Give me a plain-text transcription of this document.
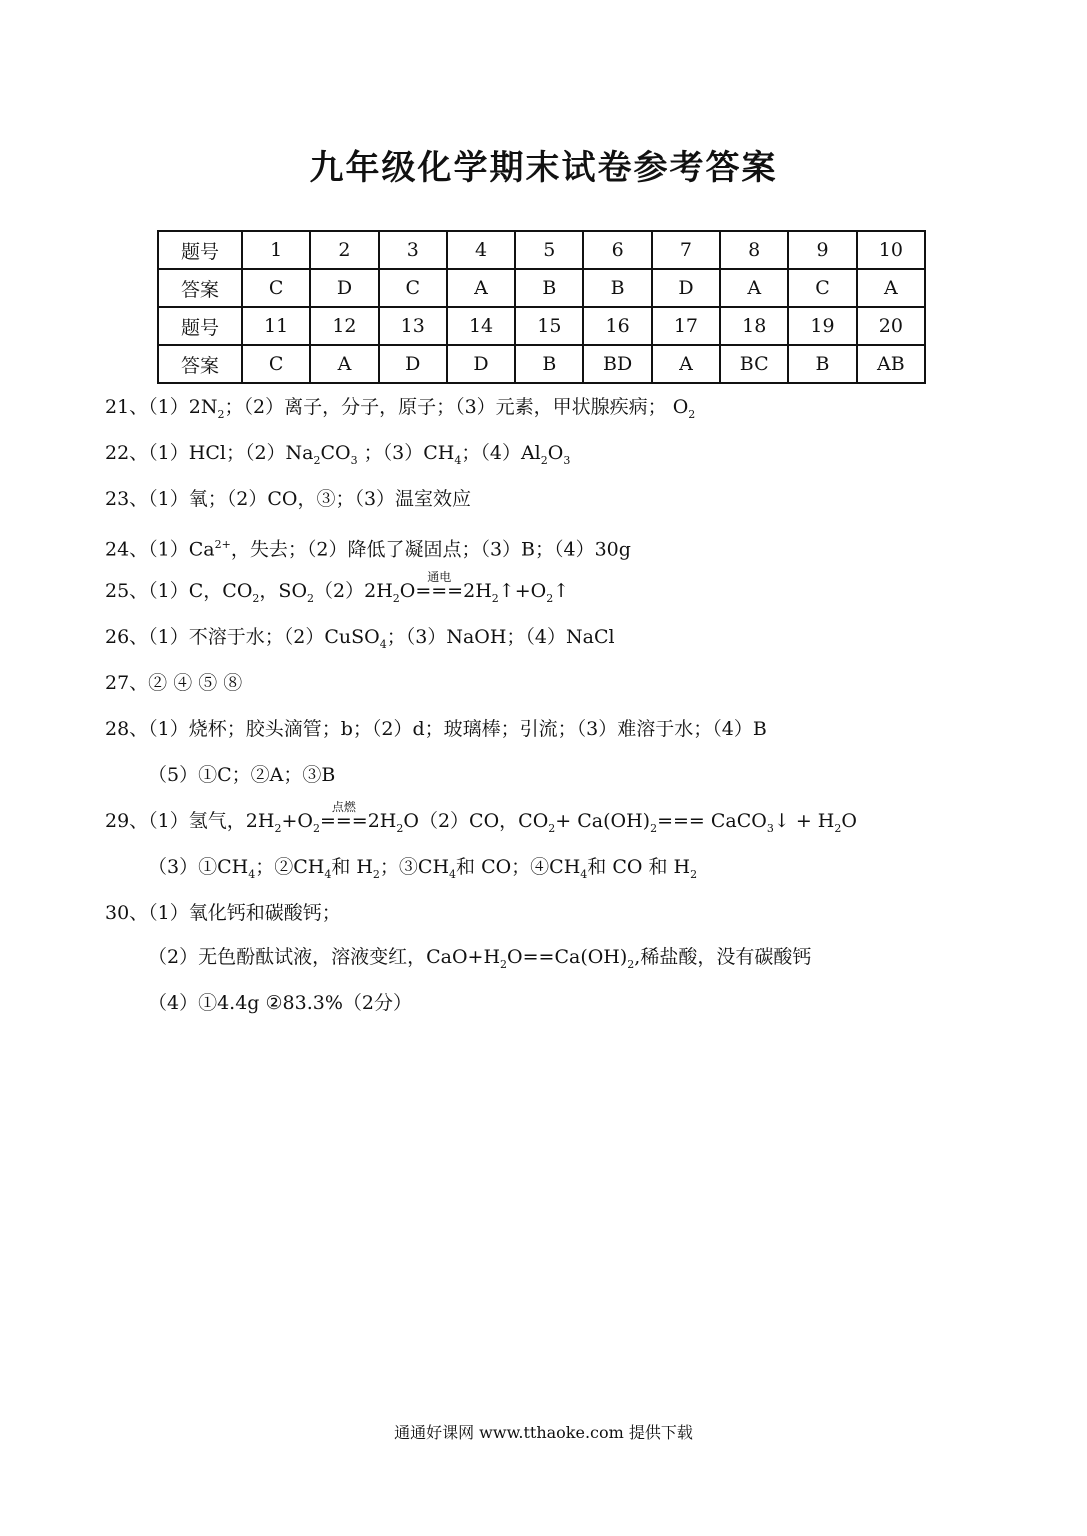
九年级化学期末试卷参考答案
题号	1	2	3	4	5	6	7	8	9	10
答案	C	D	C	A	B	B	D	A	C	A
题号	11	12	13	14	15	16	17	18	19	20
答案	C	A	D	D	B	BD	A	BC	B	AB
21、$(1)2N_2$；（2）离子，分子，原子；（3）元素，甲状腺疾病； $O_2$
22、（1）HCl；$(2)Na_2CO_3$ ；$(3)CH_4$；$(4)Al_2O_3$
23、（1）氧；（2）CO，③；（3）温室效应
24、$(1)Ca^{2+}$，失去；（2）降低了凝固点；（3）B；（4）30g
25、（1）C，$CO_2$，$SO_2(2)2H_2O$
通电
$===2H_2↑+O_2↑$
26、（1）不溶于水；（2）CuSO$_4$；（3）NaOH；（4）NaCl
27、② ④ ⑤ ⑧
28、（1）烧杯；胶头滴管；b；（2）d；玻璃棒；引流；（3）难溶于水；（4）B
（5）①C；②A；③B
29、（1）氢气，$2H_2+O_2$
点燃
$===2H_2O(2)CO$，$CO_2+ Ca(OH)_2===$ CaCO$_3$↓ + $H_2O$
$(3)①CH_4$；$②CH_4$和 $H_2$；$③CH_4$和 CO；$④CH_4$和 CO 和 $H_2$
30、（1）氧化钙和碳酸钙；
（2）无色酚酞试液，溶液变红，$CaO+H_2O==Ca(OH)_2$,稀盐酸，没有碳酸钙
（4）①4.4g ②83.3%（2分）
通通好课网 www.tthaoke.com 提供下载
